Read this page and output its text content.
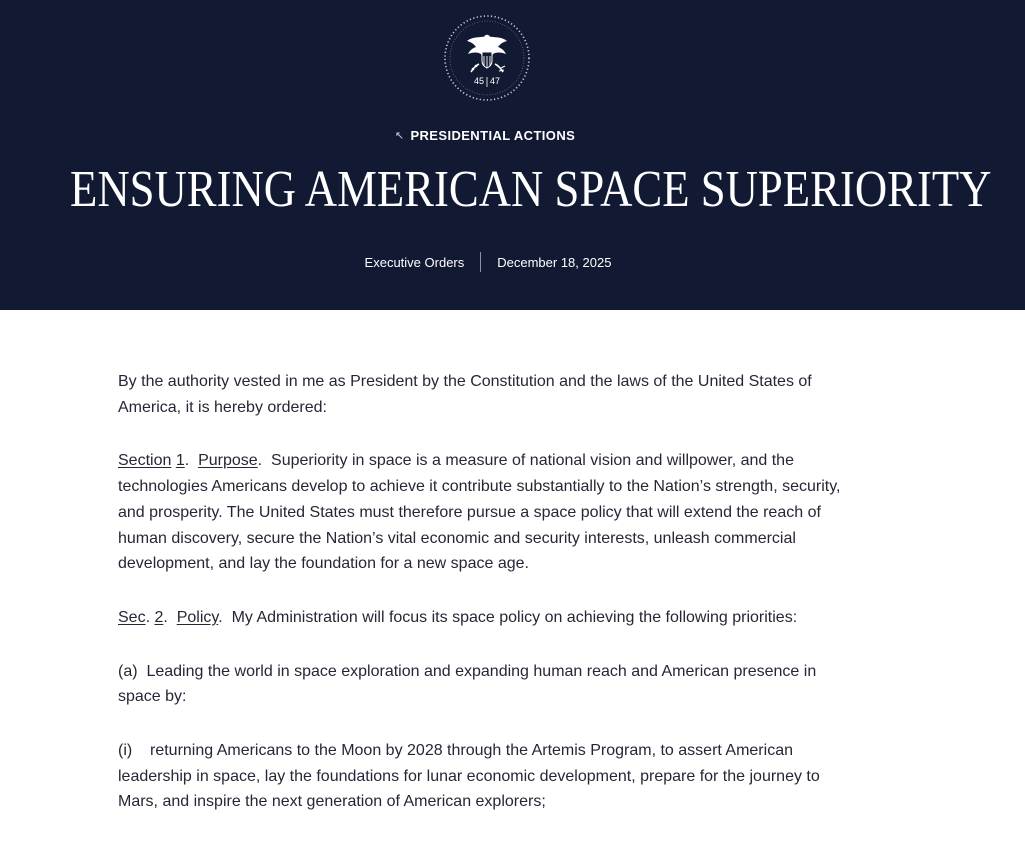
45 47
↖ PRESIDENTIAL ACTIONS
ENSURING AMERICAN SPACE SUPERIORITY
Executive Orders	December 18, 2025

By the authority vested in me as President by the Constitution and the laws of the United States of America, it is hereby ordered:

Section 1.  Purpose.  Superiority in space is a measure of national vision and willpower, and the technologies Americans develop to achieve it contribute substantially to the Nation’s strength, security, and prosperity. The United States must therefore pursue a space policy that will extend the reach of human discovery, secure the Nation’s vital economic and security interests, unleash commercial development, and lay the foundation for a new space age.

Sec. 2.  Policy.  My Administration will focus its space policy on achieving the following priorities:

(a)  Leading the world in space exploration and expanding human reach and American presence in space by:

(i)    returning Americans to the Moon by 2028 through the Artemis Program, to assert American leadership in space, lay the foundations for lunar economic development, prepare for the journey to Mars, and inspire the next generation of American explorers;
